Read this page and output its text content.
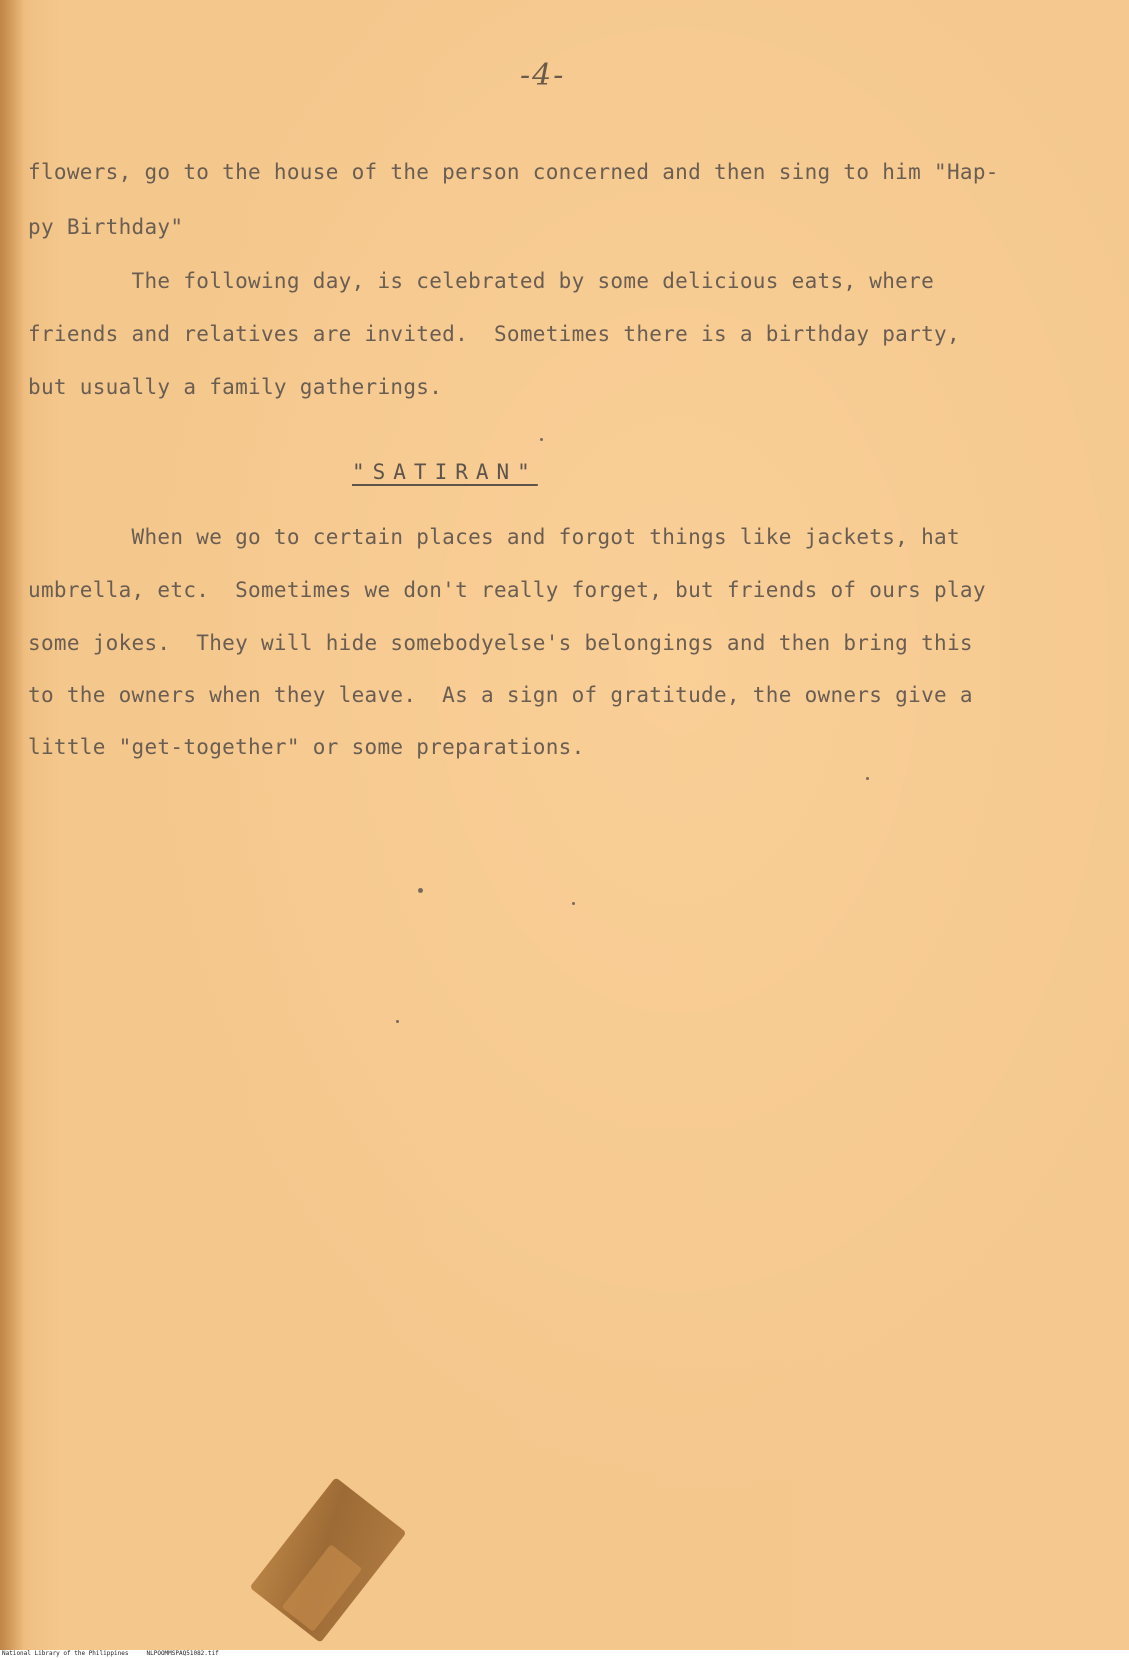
-4-
flowers, go to the house of the person concerned and then sing to him "Hap-
py Birthday"
The following day, is celebrated by some delicious eats, where
friends and relatives are invited.  Sometimes there is a birthday party,
but usually a family gatherings.
"SATIRAN"
When we go to certain places and forgot things like jackets, hat
umbrella, etc.  Sometimes we don't really forget, but friends of ours play
some jokes.  They will hide somebodyelse's belongings and then bring this
to the owners when they leave.  As a sign of gratitude, the owners give a
little "get-together" or some preparations.
National Library of the Philippines     NLPOOMMSPAQ51082.tif
